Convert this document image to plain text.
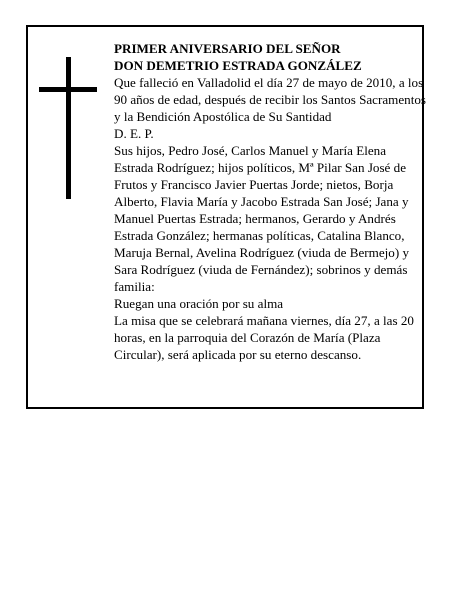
PRIMER ANIVERSARIO DEL SEÑOR

DON DEMETRIO ESTRADA GONZÁLEZ

Que falleció en Valladolid el día 27 de mayo de 2010, a los 90 años de edad, después de recibir los Santos Sacramentos y la Bendición Apostólica de Su Santidad

D. E. P.

Sus hijos, Pedro José, Carlos Manuel y María Elena Estrada Rodríguez; hijos políticos, Mª Pilar San José de Frutos y Francisco Javier Puertas Jorde; nietos, Borja Alberto, Flavia María y Jacobo Estrada San José; Jana y Manuel Puertas Estrada; hermanos, Gerardo y Andrés Estrada González; hermanas políticas, Catalina Blanco, Maruja Bernal, Avelina Rodríguez (viuda de Bermejo) y Sara Rodríguez (viuda de Fernández); sobrinos y demás familia:

Ruegan una oración por su alma

La misa que se celebrará mañana viernes, día 27, a las 20 horas, en la parroquia del Corazón de María (Plaza Circular), será aplicada por su eterno descanso.
